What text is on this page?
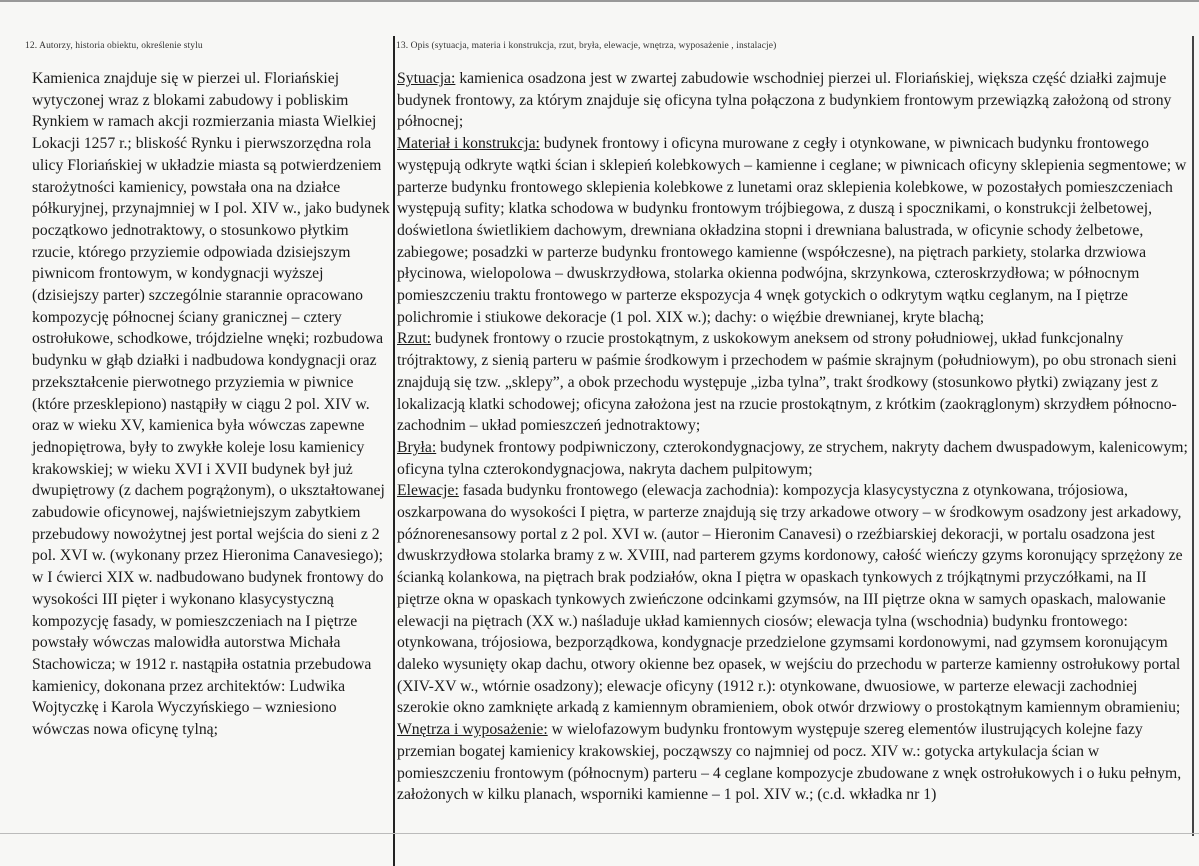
12. Autorzy, historia obiektu, określenie stylu
Kamienica znajduje się w pierzei ul. Floriańskiej wytyczonej wraz z blokami zabudowy i pobliskim Rynkiem w ramach akcji rozmierzania miasta Wielkiej Lokacji 1257 r.; bliskość Rynku i pierwszorzędna rola ulicy Floriańskiej w układzie miasta są potwierdzeniem starożytności kamienicy, powstała ona na działce półkuryjnej, przynajmniej w I pol. XIV w., jako budynek początkowo jednotraktowy, o stosunkowo płytkim rzucie, którego przyziemie odpowiada dzisiejszym piwnicom frontowym, w kondygnacji wyższej (dzisiejszy parter) szczególnie starannie opracowano kompozycję północnej ściany granicznej – cztery ostrołukowe, schodkowe, trójdzielne wnęki; rozbudowa budynku w głąb działki i nadbudowa kondygnacji oraz przekształcenie pierwotnego przyziemia w piwnice (które przesklepiono) nastąpiły w ciągu 2 pol. XIV w. oraz w wieku XV, kamienica była wówczas zapewne jednopiętrowa, były to zwykłe koleje losu kamienicy krakowskiej; w wieku XVI i XVII budynek był już dwupiętrowy (z dachem pogrążonym), o ukształtowanej zabudowie oficynowej, najświetniejszym zabytkiem przebudowy nowożytnej jest portal wejścia do sieni z 2 pol. XVI w. (wykonany przez Hieronima Canavesiego); w I ćwierci XIX w. nadbudowano budynek frontowy do wysokości III pięter i wykonano klasycystyczną kompozycję fasady, w pomieszczeniach na I piętrze powstały wówczas malowidła autorstwa Michała Stachowicza; w 1912 r. nastąpiła ostatnia przebudowa kamienicy, dokonana przez architektów: Ludwika Wojtyczkę i Karola Wyczyńskiego – wzniesiono wówczas nowa oficynę tylną;
13. Opis (sytuacja, materia i konstrukcja, rzut, bryła, elewacje, wnętrza, wyposażenie , instalacje)

Sytuacja: kamienica osadzona jest w zwartej zabudowie wschodniej pierzei ul. Floriańskiej, większa część działki zajmuje budynek frontowy, za którym znajduje się oficyna tylna połączona z budynkiem frontowym przewiązką założoną od strony północnej;

Materiał i konstrukcja: budynek frontowy i oficyna murowane z cegły i otynkowane, w piwnicach budynku frontowego występują odkryte wątki ścian i sklepień kolebkowych – kamienne i ceglane; w piwnicach oficyny sklepienia segmentowe; w parterze budynku frontowego sklepienia kolebkowe z lunetami oraz sklepienia kolebkowe, w pozostałych pomieszczeniach występują sufity; klatka schodowa w budynku frontowym trójbiegowa, z duszą i spocznikami, o konstrukcji żelbetowej, doświetlona świetlikiem dachowym, drewniana okładzina stopni i drewniana balustrada, w oficynie schody żelbetowe, zabiegowe; posadzki w parterze budynku frontowego kamienne (współczesne), na piętrach parkiety, stolarka drzwiowa płycinowa, wielopolowa – dwuskrzydłowa, stolarka okienna podwójna, skrzynkowa, czteroskrzydłowa; w północnym pomieszczeniu traktu frontowego w parterze ekspozycja 4 wnęk gotyckich o odkrytym wątku ceglanym, na I piętrze polichromie i stiukowe dekoracje (1 pol. XIX w.); dachy: o więźbie drewnianej, kryte blachą;

Rzut: budynek frontowy o rzucie prostokątnym, z uskokowym aneksem od strony południowej, układ funkcjonalny trójtraktowy, z sienią parteru w paśmie środkowym i przechodem w paśmie skrajnym (południowym), po obu stronach sieni znajdują się tzw. „sklepy”, a obok przechodu występuje „izba tylna”, trakt środkowy (stosunkowo płytki) związany jest z lokalizacją klatki schodowej; oficyna założona jest na rzucie prostokątnym, z krótkim (zaokrąglonym) skrzydłem północno-zachodnim – układ pomieszczeń jednotraktowy;

Bryła: budynek frontowy podpiwniczony, czterokondygnacjowy, ze strychem, nakryty dachem dwuspadowym, kalenicowym; oficyna tylna czterokondygnacjowa, nakryta dachem pulpitowym;

Elewacje: fasada budynku frontowego (elewacja zachodnia): kompozycja klasycystyczna z otynkowana, trójosiowa, oszkarpowana do wysokości I piętra, w parterze znajdują się trzy arkadowe otwory – w środkowym osadzony jest arkadowy, późnorenesansowy portal z 2 pol. XVI w. (autor – Hieronim Canavesi) o rzeźbiarskiej dekoracji, w portalu osadzona jest dwuskrzydłowa stolarka bramy z w. XVIII, nad parterem gzyms kordonowy, całość wieńczy gzyms koronujący sprzężony ze ścianką kolankowa, na piętrach brak podziałów, okna I piętra w opaskach tynkowych z trójkątnymi przyczółkami, na II piętrze okna w opaskach tynkowych zwieńczone odcinkami gzymsów, na III piętrze okna w samych opaskach, malowanie elewacji na piętrach (XX w.) naśladuje układ kamiennych ciosów; elewacja tylna (wschodnia) budynku frontowego: otynkowana, trójosiowa, bezporządkowa, kondygnacje przedzielone gzymsami kordonowymi, nad gzymsem koronującym daleko wysunięty okap dachu, otwory okienne bez opasek, w wejściu do przechodu w parterze kamienny ostrołukowy portal (XIV-XV w., wtórnie osadzony); elewacje oficyny (1912 r.): otynkowane, dwuosiowe, w parterze elewacji zachodniej szerokie okno zamknięte arkadą z kamiennym obramieniem, obok otwór drzwiowy o prostokątnym kamiennym obramieniu;

Wnętrza i wyposażenie: w wielofazowym budynku frontowym występuje szereg elementów ilustrujących kolejne fazy przemian bogatej kamienicy krakowskiej, począwszy co najmniej od pocz. XIV w.: gotycka artykulacja ścian w pomieszczeniu frontowym (północnym) parteru – 4 ceglane kompozycje zbudowane z wnęk ostrołukowych i o łuku pełnym, założonych w kilku planach, wsporniki kamienne – 1 pol. XIV w.; (c.d. wkładka nr 1)
